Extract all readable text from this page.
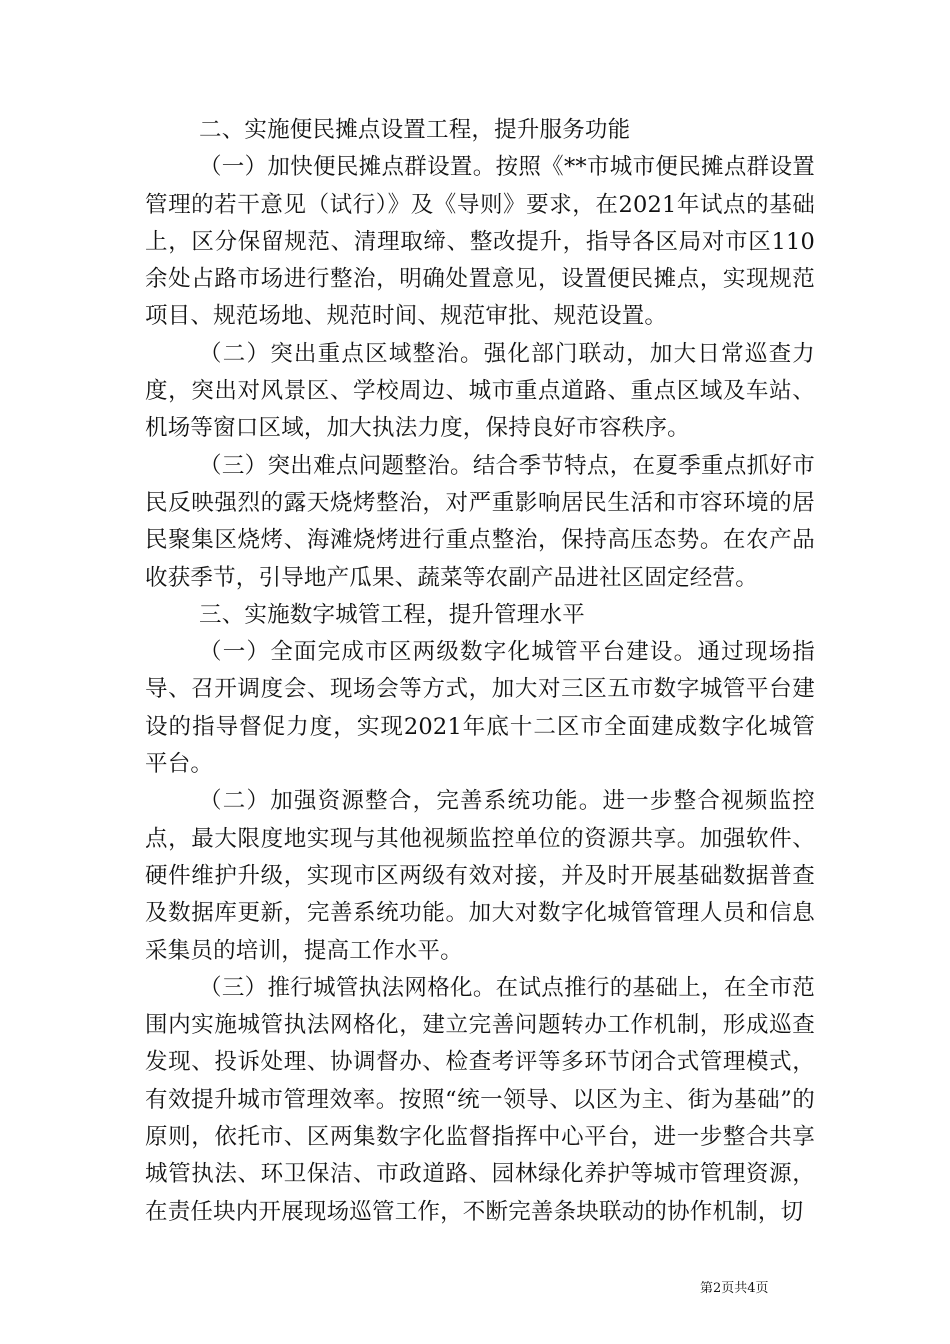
二、实施便民摊点设置工程，提升服务功能

（一）加快便民摊点群设置。按照《**市城市便民摊点群设置管理的若干意见（试行）》及《导则》要求，在2021年试点的基础上，区分保留规范、清理取缔、整改提升，指导各区局对市区110余处占路市场进行整治，明确处置意见，设置便民摊点，实现规范项目、规范场地、规范时间、规范审批、规范设置。

（二）突出重点区域整治。强化部门联动，加大日常巡查力度，突出对风景区、学校周边、城市重点道路、重点区域及车站、机场等窗口区域，加大执法力度，保持良好市容秩序。

（三）突出难点问题整治。结合季节特点，在夏季重点抓好市民反映强烈的露天烧烤整治，对严重影响居民生活和市容环境的居民聚集区烧烤、海滩烧烤进行重点整治，保持高压态势。在农产品收获季节，引导地产瓜果、蔬菜等农副产品进社区固定经营。

三、实施数字城管工程，提升管理水平

（一）全面完成市区两级数字化城管平台建设。通过现场指导、召开调度会、现场会等方式，加大对三区五市数字城管平台建设的指导督促力度，实现2021年底十二区市全面建成数字化城管平台。

（二）加强资源整合，完善系统功能。进一步整合视频监控点，最大限度地实现与其他视频监控单位的资源共享。加强软件、硬件维护升级，实现市区两级有效对接，并及时开展基础数据普查及数据库更新，完善系统功能。加大对数字化城管管理人员和信息采集员的培训，提高工作水平。

（三）推行城管执法网格化。在试点推行的基础上，在全市范围内实施城管执法网格化，建立完善问题转办工作机制，形成巡查发现、投诉处理、协调督办、检查考评等多环节闭合式管理模式，有效提升城市管理效率。按照“统一领导、以区为主、街为基础”的原则，依托市、区两集数字化监督指挥中心平台，进一步整合共享城管执法、环卫保洁、市政道路、园林绿化养护等城市管理资源，在责任块内开展现场巡管工作，不断完善条块联动的协作机制，切

第2页共4页
